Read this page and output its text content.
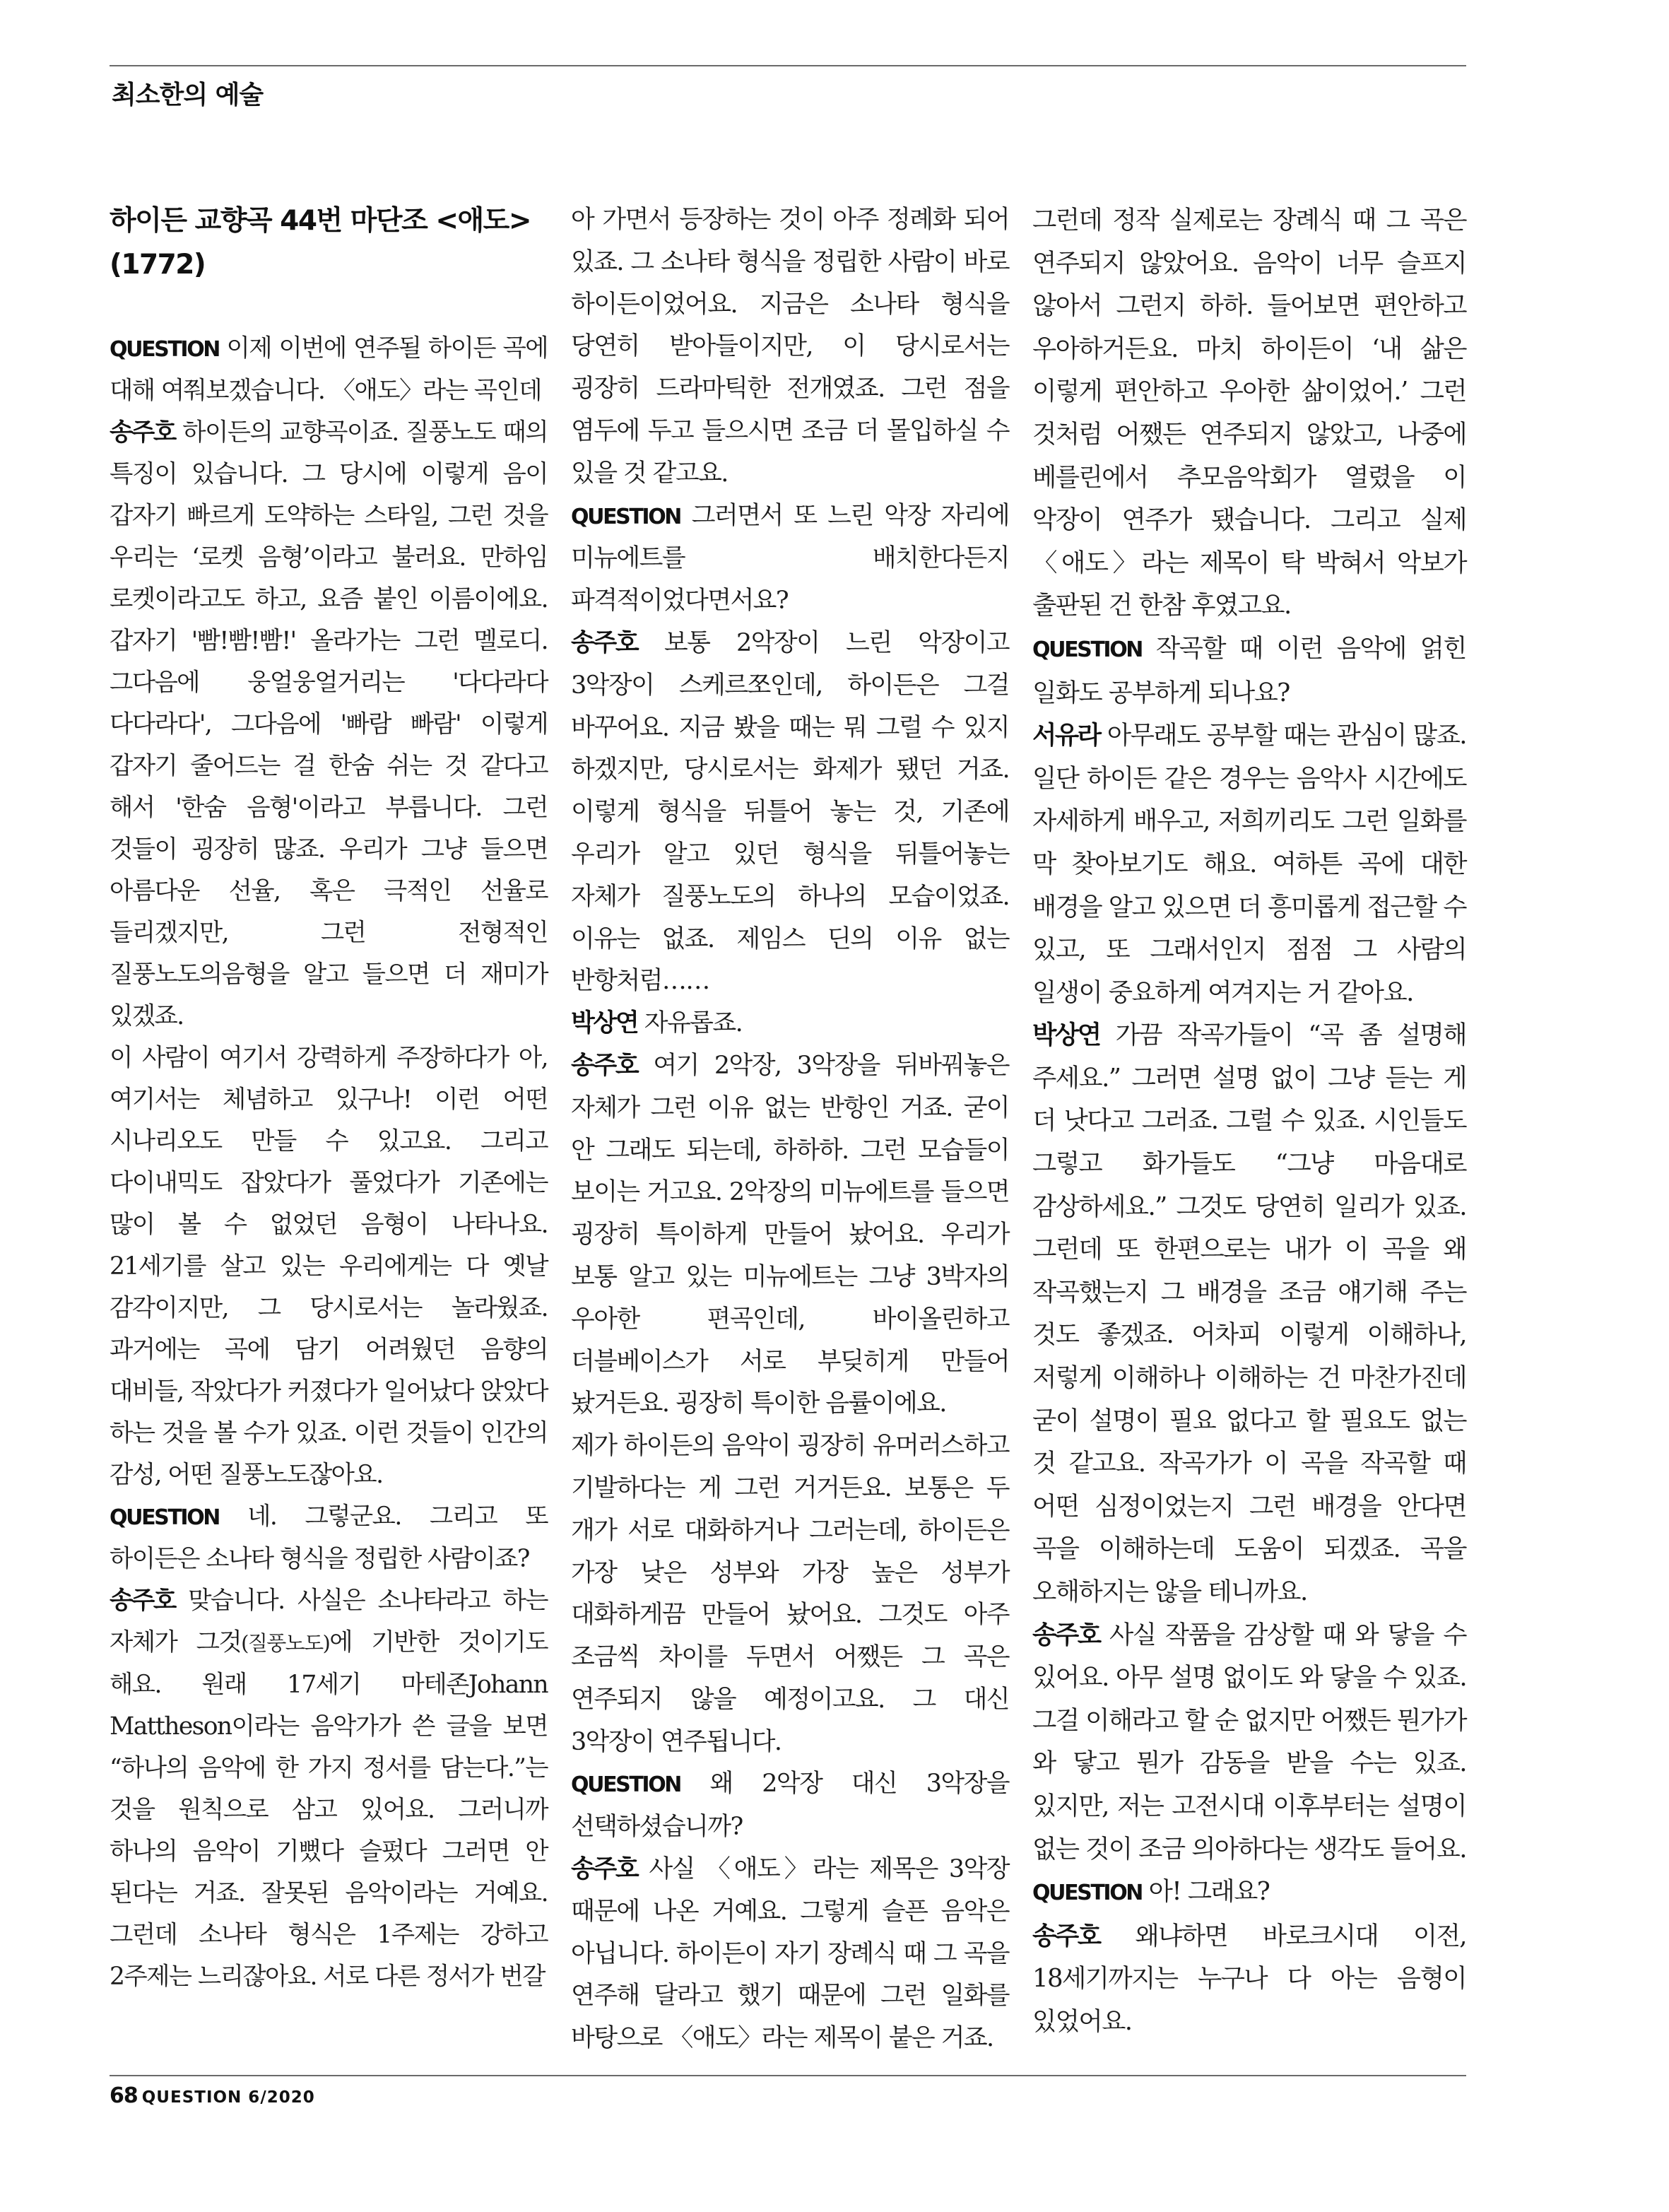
최소한의 예술
하이든 교향곡 44번 마단조 <애도>
(1772)

QUESTION 이제 이번에 연주될 하이든 곡에 대해 여쭤보겠습니다. 〈애도〉라는 곡인데

송주호 하이든의 교향곡이죠. 질풍노도 때의 특징이 있습니다. 그 당시에 이렇게 음이 갑자기 빠르게 도약하는 스타일, 그런 것을 우리는 ‘로켓 음형’이라고 불러요. 만하임 로켓이라고도 하고, 요즘 붙인 이름이에요. 갑자기 '빰!빰!빰!' 올라가는 그런 멜로디. 그다음에 웅얼웅얼거리는 '다다라다 다다라다', 그다음에 '빠람 빠람' 이렇게 갑자기 줄어드는 걸 한숨 쉬는 것 같다고 해서 '한숨 음형'이라고 부릅니다. 그런 것들이 굉장히 많죠. 우리가 그냥 들으면 아름다운 선율, 혹은 극적인 선율로 들리겠지만, 그런 전형적인 질풍노도의음형을 알고 들으면 더 재미가 있겠죠.

이 사람이 여기서 강력하게 주장하다가 아, 여기서는 체념하고 있구나! 이런 어떤 시나리오도 만들 수 있고요. 그리고 다이내믹도 잡았다가 풀었다가 기존에는 많이 볼 수 없었던 음형이 나타나요. 21세기를 살고 있는 우리에게는 다 옛날 감각이지만, 그 당시로서는 놀라웠죠. 과거에는 곡에 담기 어려웠던 음향의 대비들, 작았다가 커졌다가 일어났다 앉았다 하는 것을 볼 수가 있죠. 이런 것들이 인간의 감성, 어떤 질풍노도잖아요.

QUESTION 네. 그렇군요. 그리고 또 하이든은 소나타 형식을 정립한 사람이죠?

송주호 맞습니다. 사실은 소나타라고 하는 자체가 그것(질풍노도)에 기반한 것이기도 해요. 원래 17세기 마테존Johann Mattheson이라는 음악가가 쓴 글을 보면 “하나의 음악에 한 가지 정서를 담는다.”는 것을 원칙으로 삼고 있어요. 그러니까 하나의 음악이 기뻤다 슬펐다 그러면 안 된다는 거죠. 잘못된 음악이라는 거예요. 그런데 소나타 형식은 1주제는 강하고 2주제는 느리잖아요. 서로 다른 정서가 번갈

아 가면서 등장하는 것이 아주 정례화 되어 있죠. 그 소나타 형식을 정립한 사람이 바로 하이든이었어요. 지금은 소나타 형식을 당연히 받아들이지만, 이 당시로서는 굉장히 드라마틱한 전개였죠. 그런 점을 염두에 두고 들으시면 조금 더 몰입하실 수 있을 것 같고요.

QUESTION 그러면서 또 느린 악장 자리에 미뉴에트를 배치한다든지 파격적이었다면서요?

송주호 보통 2악장이 느린 악장이고 3악장이 스케르쪼인데, 하이든은 그걸 바꾸어요. 지금 봤을 때는 뭐 그럴 수 있지 하겠지만, 당시로서는 화제가 됐던 거죠. 이렇게 형식을 뒤틀어 놓는 것, 기존에 우리가 알고 있던 형식을 뒤틀어놓는 자체가 질풍노도의 하나의 모습이었죠. 이유는 없죠. 제임스 딘의 이유 없는 반항처럼……

박상연 자유롭죠.

송주호 여기 2악장, 3악장을 뒤바꿔놓은 자체가 그런 이유 없는 반항인 거죠. 굳이 안 그래도 되는데, 하하하. 그런 모습들이 보이는 거고요. 2악장의 미뉴에트를 들으면 굉장히 특이하게 만들어 놨어요. 우리가 보통 알고 있는 미뉴에트는 그냥 3박자의 우아한 편곡인데, 바이올린하고 더블베이스가 서로 부딪히게 만들어 놨거든요. 굉장히 특이한 음률이에요.

제가 하이든의 음악이 굉장히 유머러스하고 기발하다는 게 그런 거거든요. 보통은 두 개가 서로 대화하거나 그러는데, 하이든은 가장 낮은 성부와 가장 높은 성부가 대화하게끔 만들어 놨어요. 그것도 아주 조금씩 차이를 두면서 어쨌든 그 곡은 연주되지 않을 예정이고요. 그 대신 3악장이 연주됩니다.

QUESTION 왜 2악장 대신 3악장을 선택하셨습니까?

송주호 사실 〈애도〉라는 제목은 3악장 때문에 나온 거예요. 그렇게 슬픈 음악은 아닙니다. 하이든이 자기 장례식 때 그 곡을 연주해 달라고 했기 때문에 그런 일화를 바탕으로 〈애도〉라는 제목이 붙은 거죠.

그런데 정작 실제로는 장례식 때 그 곡은 연주되지 않았어요. 음악이 너무 슬프지 않아서 그런지 하하. 들어보면 편안하고 우아하거든요. 마치 하이든이 ‘내 삶은 이렇게 편안하고 우아한 삶이었어.’ 그런 것처럼 어쨌든 연주되지 않았고, 나중에 베를린에서 추모음악회가 열렸을 이 악장이 연주가 됐습니다. 그리고 실제 〈애도〉라는 제목이 탁 박혀서 악보가 출판된 건 한참 후였고요.

QUESTION 작곡할 때 이런 음악에 얽힌 일화도 공부하게 되나요?

서유라 아무래도 공부할 때는 관심이 많죠. 일단 하이든 같은 경우는 음악사 시간에도 자세하게 배우고, 저희끼리도 그런 일화를 막 찾아보기도 해요. 여하튼 곡에 대한 배경을 알고 있으면 더 흥미롭게 접근할 수 있고, 또 그래서인지 점점 그 사람의 일생이 중요하게 여겨지는 거 같아요.

박상연 가끔 작곡가들이 “곡 좀 설명해 주세요.” 그러면 설명 없이 그냥 듣는 게 더 낫다고 그러죠. 그럴 수 있죠. 시인들도 그렇고 화가들도 “그냥 마음대로 감상하세요.” 그것도 당연히 일리가 있죠. 그런데 또 한편으로는 내가 이 곡을 왜 작곡했는지 그 배경을 조금 얘기해 주는 것도 좋겠죠. 어차피 이렇게 이해하나, 저렇게 이해하나 이해하는 건 마찬가진데 굳이 설명이 필요 없다고 할 필요도 없는 것 같고요. 작곡가가 이 곡을 작곡할 때 어떤 심정이었는지 그런 배경을 안다면 곡을 이해하는데 도움이 되겠죠. 곡을 오해하지는 않을 테니까요.

송주호 사실 작품을 감상할 때 와 닿을 수 있어요. 아무 설명 없이도 와 닿을 수 있죠. 그걸 이해라고 할 순 없지만 어쨌든 뭔가가 와 닿고 뭔가 감동을 받을 수는 있죠. 있지만, 저는 고전시대 이후부터는 설명이 없는 것이 조금 의아하다는 생각도 들어요.

QUESTION 아! 그래요?

송주호 왜냐하면 바로크시대 이전, 18세기까지는 누구나 다 아는 음형이 있었어요.

68 QUESTION 6/2020
